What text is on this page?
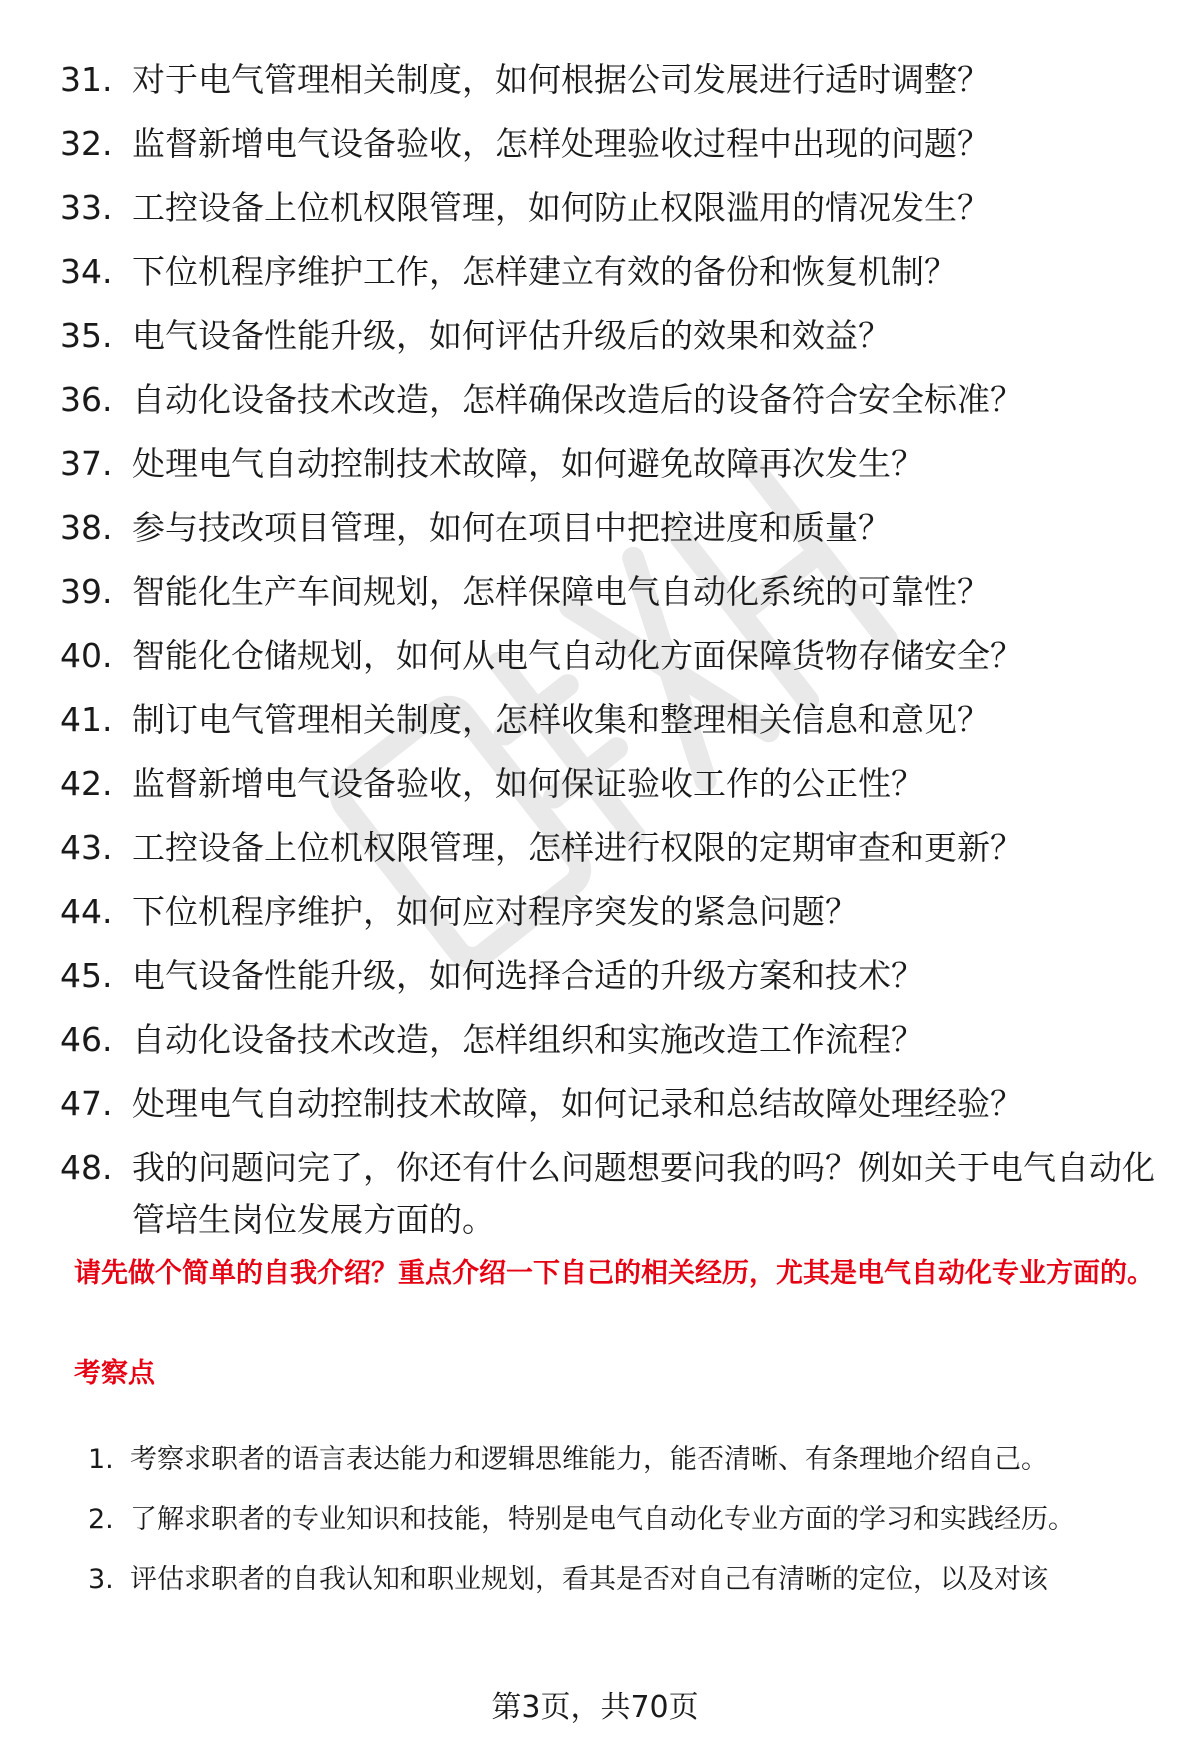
31. 对于电气管理相关制度，如何根据公司发展进行适时调整？
32. 监督新增电气设备验收，怎样处理验收过程中出现的问题？
33. 工控设备上位机权限管理，如何防止权限滥用的情况发生？
34. 下位机程序维护工作，怎样建立有效的备份和恢复机制？
35. 电气设备性能升级，如何评估升级后的效果和效益？
36. 自动化设备技术改造，怎样确保改造后的设备符合安全标准？
37. 处理电气自动控制技术故障，如何避免故障再次发生？
38. 参与技改项目管理，如何在项目中把控进度和质量？
39. 智能化生产车间规划，怎样保障电气自动化系统的可靠性？
40. 智能化仓储规划，如何从电气自动化方面保障货物存储安全？
41. 制订电气管理相关制度，怎样收集和整理相关信息和意见？
42. 监督新增电气设备验收，如何保证验收工作的公正性？
43. 工控设备上位机权限管理，怎样进行权限的定期审查和更新？
44. 下位机程序维护，如何应对程序突发的紧急问题？
45. 电气设备性能升级，如何选择合适的升级方案和技术？
46. 自动化设备技术改造，怎样组织和实施改造工作流程？
47. 处理电气自动控制技术故障，如何记录和总结故障处理经验？
48. 我的问题问完了，你还有什么问题想要问我的吗？例如关于电气自动化管培生岗位发展方面的。

请先做个简单的自我介绍？重点介绍一下自己的相关经历，尤其是电气自动化专业方面的。

考察点

1. 考察求职者的语言表达能力和逻辑思维能力，能否清晰、有条理地介绍自己。
2. 了解求职者的专业知识和技能，特别是电气自动化专业方面的学习和实践经历。
3. 评估求职者的自我认知和职业规划，看其是否对自己有清晰的定位，以及对该
第3页，共70页
